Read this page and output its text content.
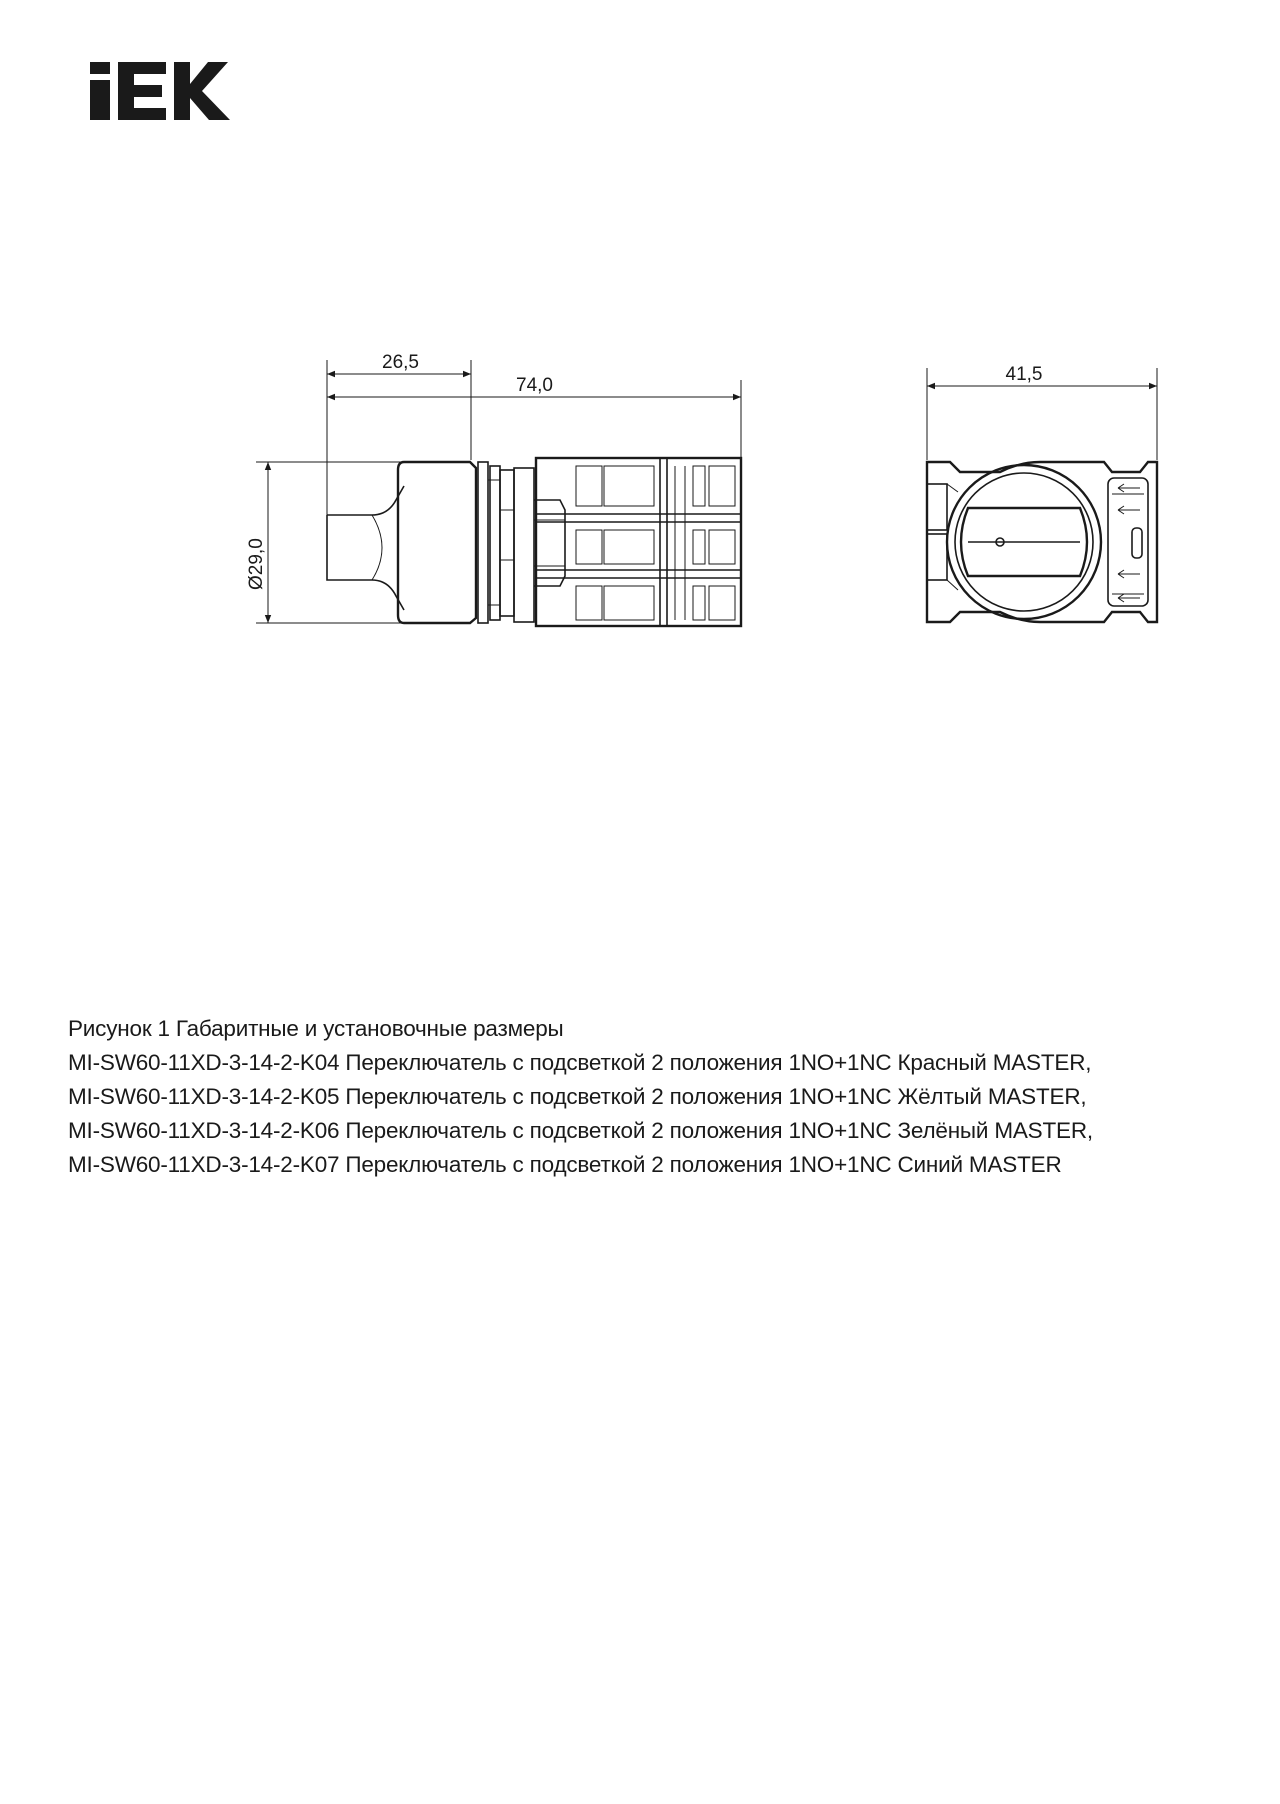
26,5
74,0
Ø29,0
41,5
Рисунок 1 Габаритные и установочные размеры
MI-SW60-11XD-3-14-2-K04 Переключатель с подсветкой 2 положения 1NO+1NC Красный MASTER,
MI-SW60-11XD-3-14-2-K05 Переключатель с подсветкой 2 положения 1NO+1NC Жёлтый MASTER,
MI-SW60-11XD-3-14-2-K06 Переключатель с подсветкой 2 положения 1NO+1NC Зелёный MASTER,
MI-SW60-11XD-3-14-2-K07 Переключатель с подсветкой 2 положения 1NO+1NC Синий MASTER
